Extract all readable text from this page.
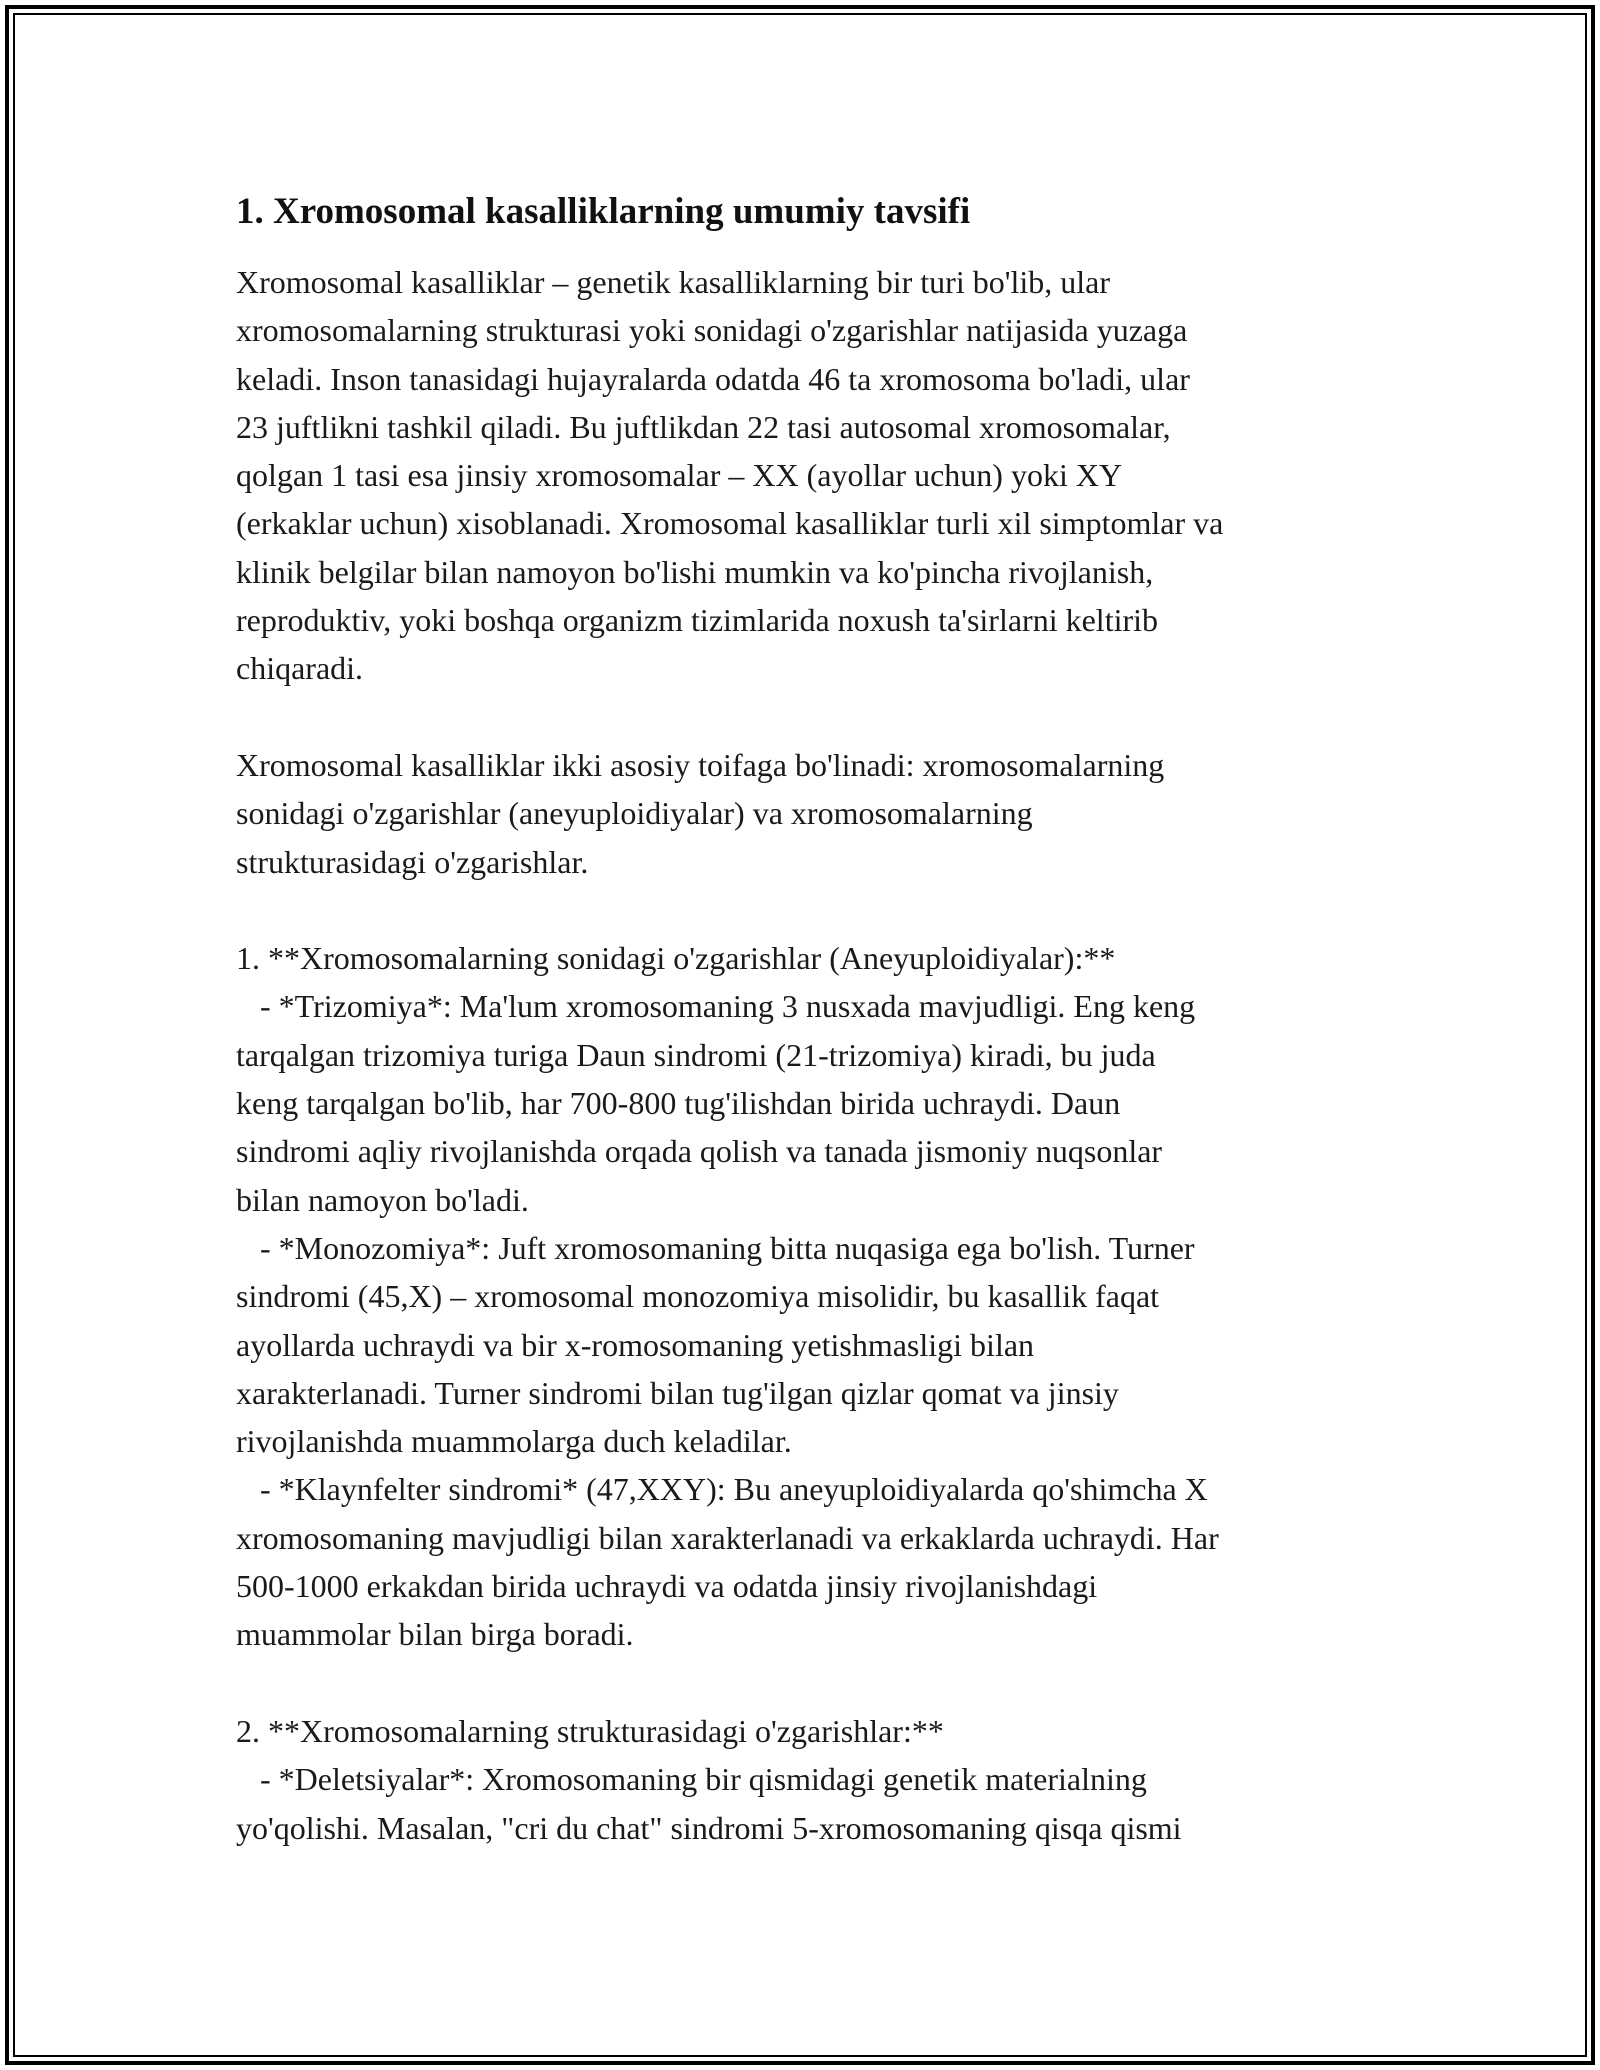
1. Xromosomal kasalliklarning umumiy tavsifi
Xromosomal kasalliklar – genetik kasalliklarning bir turi bo'lib, ular
xromosomalarning strukturasi yoki sonidagi o'zgarishlar natijasida yuzaga
keladi. Inson tanasidagi hujayralarda odatda 46 ta xromosoma bo'ladi, ular
23 juftlikni tashkil qiladi. Bu juftlikdan 22 tasi autosomal xromosomalar,
qolgan 1 tasi esa jinsiy xromosomalar – XX (ayollar uchun) yoki XY
(erkaklar uchun) xisoblanadi. Xromosomal kasalliklar turli xil simptomlar va
klinik belgilar bilan namoyon bo'lishi mumkin va ko'pincha rivojlanish,
reproduktiv, yoki boshqa organizm tizimlarida noxush ta'sirlarni keltirib
chiqaradi.
Xromosomal kasalliklar ikki asosiy toifaga bo'linadi: xromosomalarning
sonidagi o'zgarishlar (aneyuploidiyalar) va xromosomalarning
strukturasidagi o'zgarishlar.
1. **Xromosomalarning sonidagi o'zgarishlar (Aneyuploidiyalar):**
- *Trizomiya*: Ma'lum xromosomaning 3 nusxada mavjudligi. Eng keng
tarqalgan trizomiya turiga Daun sindromi (21-trizomiya) kiradi, bu juda
keng tarqalgan bo'lib, har 700-800 tug'ilishdan birida uchraydi. Daun
sindromi aqliy rivojlanishda orqada qolish va tanada jismoniy nuqsonlar
bilan namoyon bo'ladi.
- *Monozomiya*: Juft xromosomaning bitta nuqasiga ega bo'lish. Turner
sindromi (45,X) – xromosomal monozomiya misolidir, bu kasallik faqat
ayollarda uchraydi va bir x-romosomaning yetishmasligi bilan
xarakterlanadi. Turner sindromi bilan tug'ilgan qizlar qomat va jinsiy
rivojlanishda muammolarga duch keladilar.
- *Klaynfelter sindromi* (47,XXY): Bu aneyuploidiyalarda qo'shimcha X
xromosomaning mavjudligi bilan xarakterlanadi va erkaklarda uchraydi. Har
500-1000 erkakdan birida uchraydi va odatda jinsiy rivojlanishdagi
muammolar bilan birga boradi.
2. **Xromosomalarning strukturasidagi o'zgarishlar:**
- *Deletsiyalar*: Xromosomaning bir qismidagi genetik materialning
yo'qolishi. Masalan, "cri du chat" sindromi 5-xromosomaning qisqa qismi
